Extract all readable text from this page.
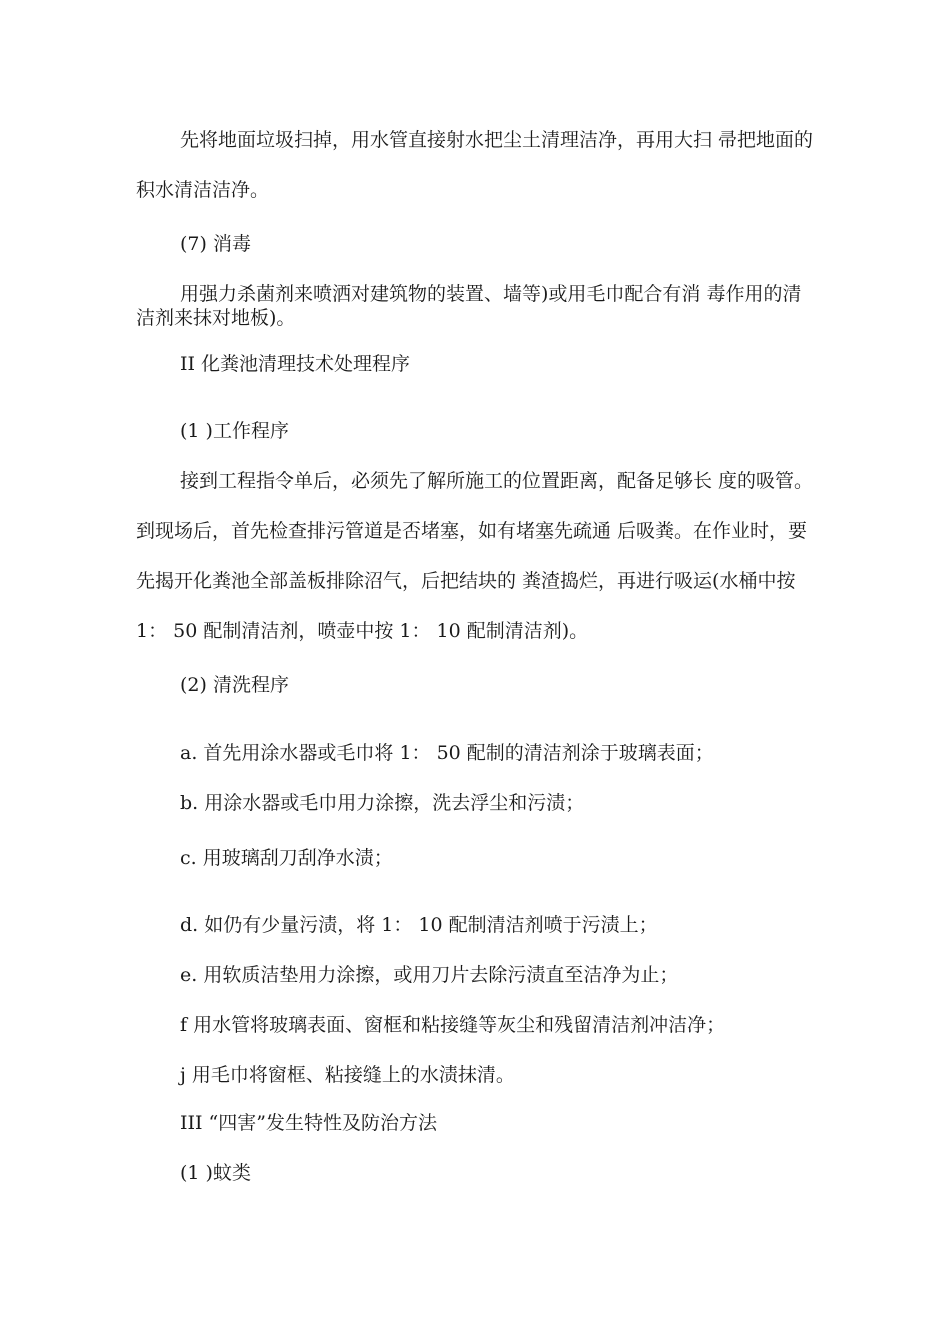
先将地面垃圾扫掉，用水管直接射水把尘土清理洁净，再用大扫 帚把地面的
积水清洁洁净。
(7) 消毒
用强力杀菌剂来喷洒对建筑物的装置、墙等)或用毛巾配合有消 毒作用的清
洁剂来抹对地板)。
II 化粪池清理技术处理程序
(1 )工作程序
接到工程指令单后，必须先了解所施工的位置距离，配备足够长 度的吸管。
到现场后，首先检查排污管道是否堵塞，如有堵塞先疏通 后吸粪。在作业时，要
先揭开化粪池全部盖板排除沼气，后把结块的 粪渣捣烂，再进行吸运(水桶中按
1： 50 配制清洁剂，喷壶中按 1： 10 配制清洁剂)。
(2) 清洗程序
a. 首先用涂水器或毛巾将 1： 50 配制的清洁剂涂于玻璃表面；
b. 用涂水器或毛巾用力涂擦，洗去浮尘和污渍；
c. 用玻璃刮刀刮净水渍；
d. 如仍有少量污渍，将 1： 10 配制清洁剂喷于污渍上；
e. 用软质洁垫用力涂擦，或用刀片去除污渍直至洁净为止；
f 用水管将玻璃表面、窗框和粘接缝等灰尘和残留清洁剂冲洁净；
j 用毛巾将窗框、粘接缝上的水渍抹清。
III “四害”发生特性及防治方法
(1 )蚊类
